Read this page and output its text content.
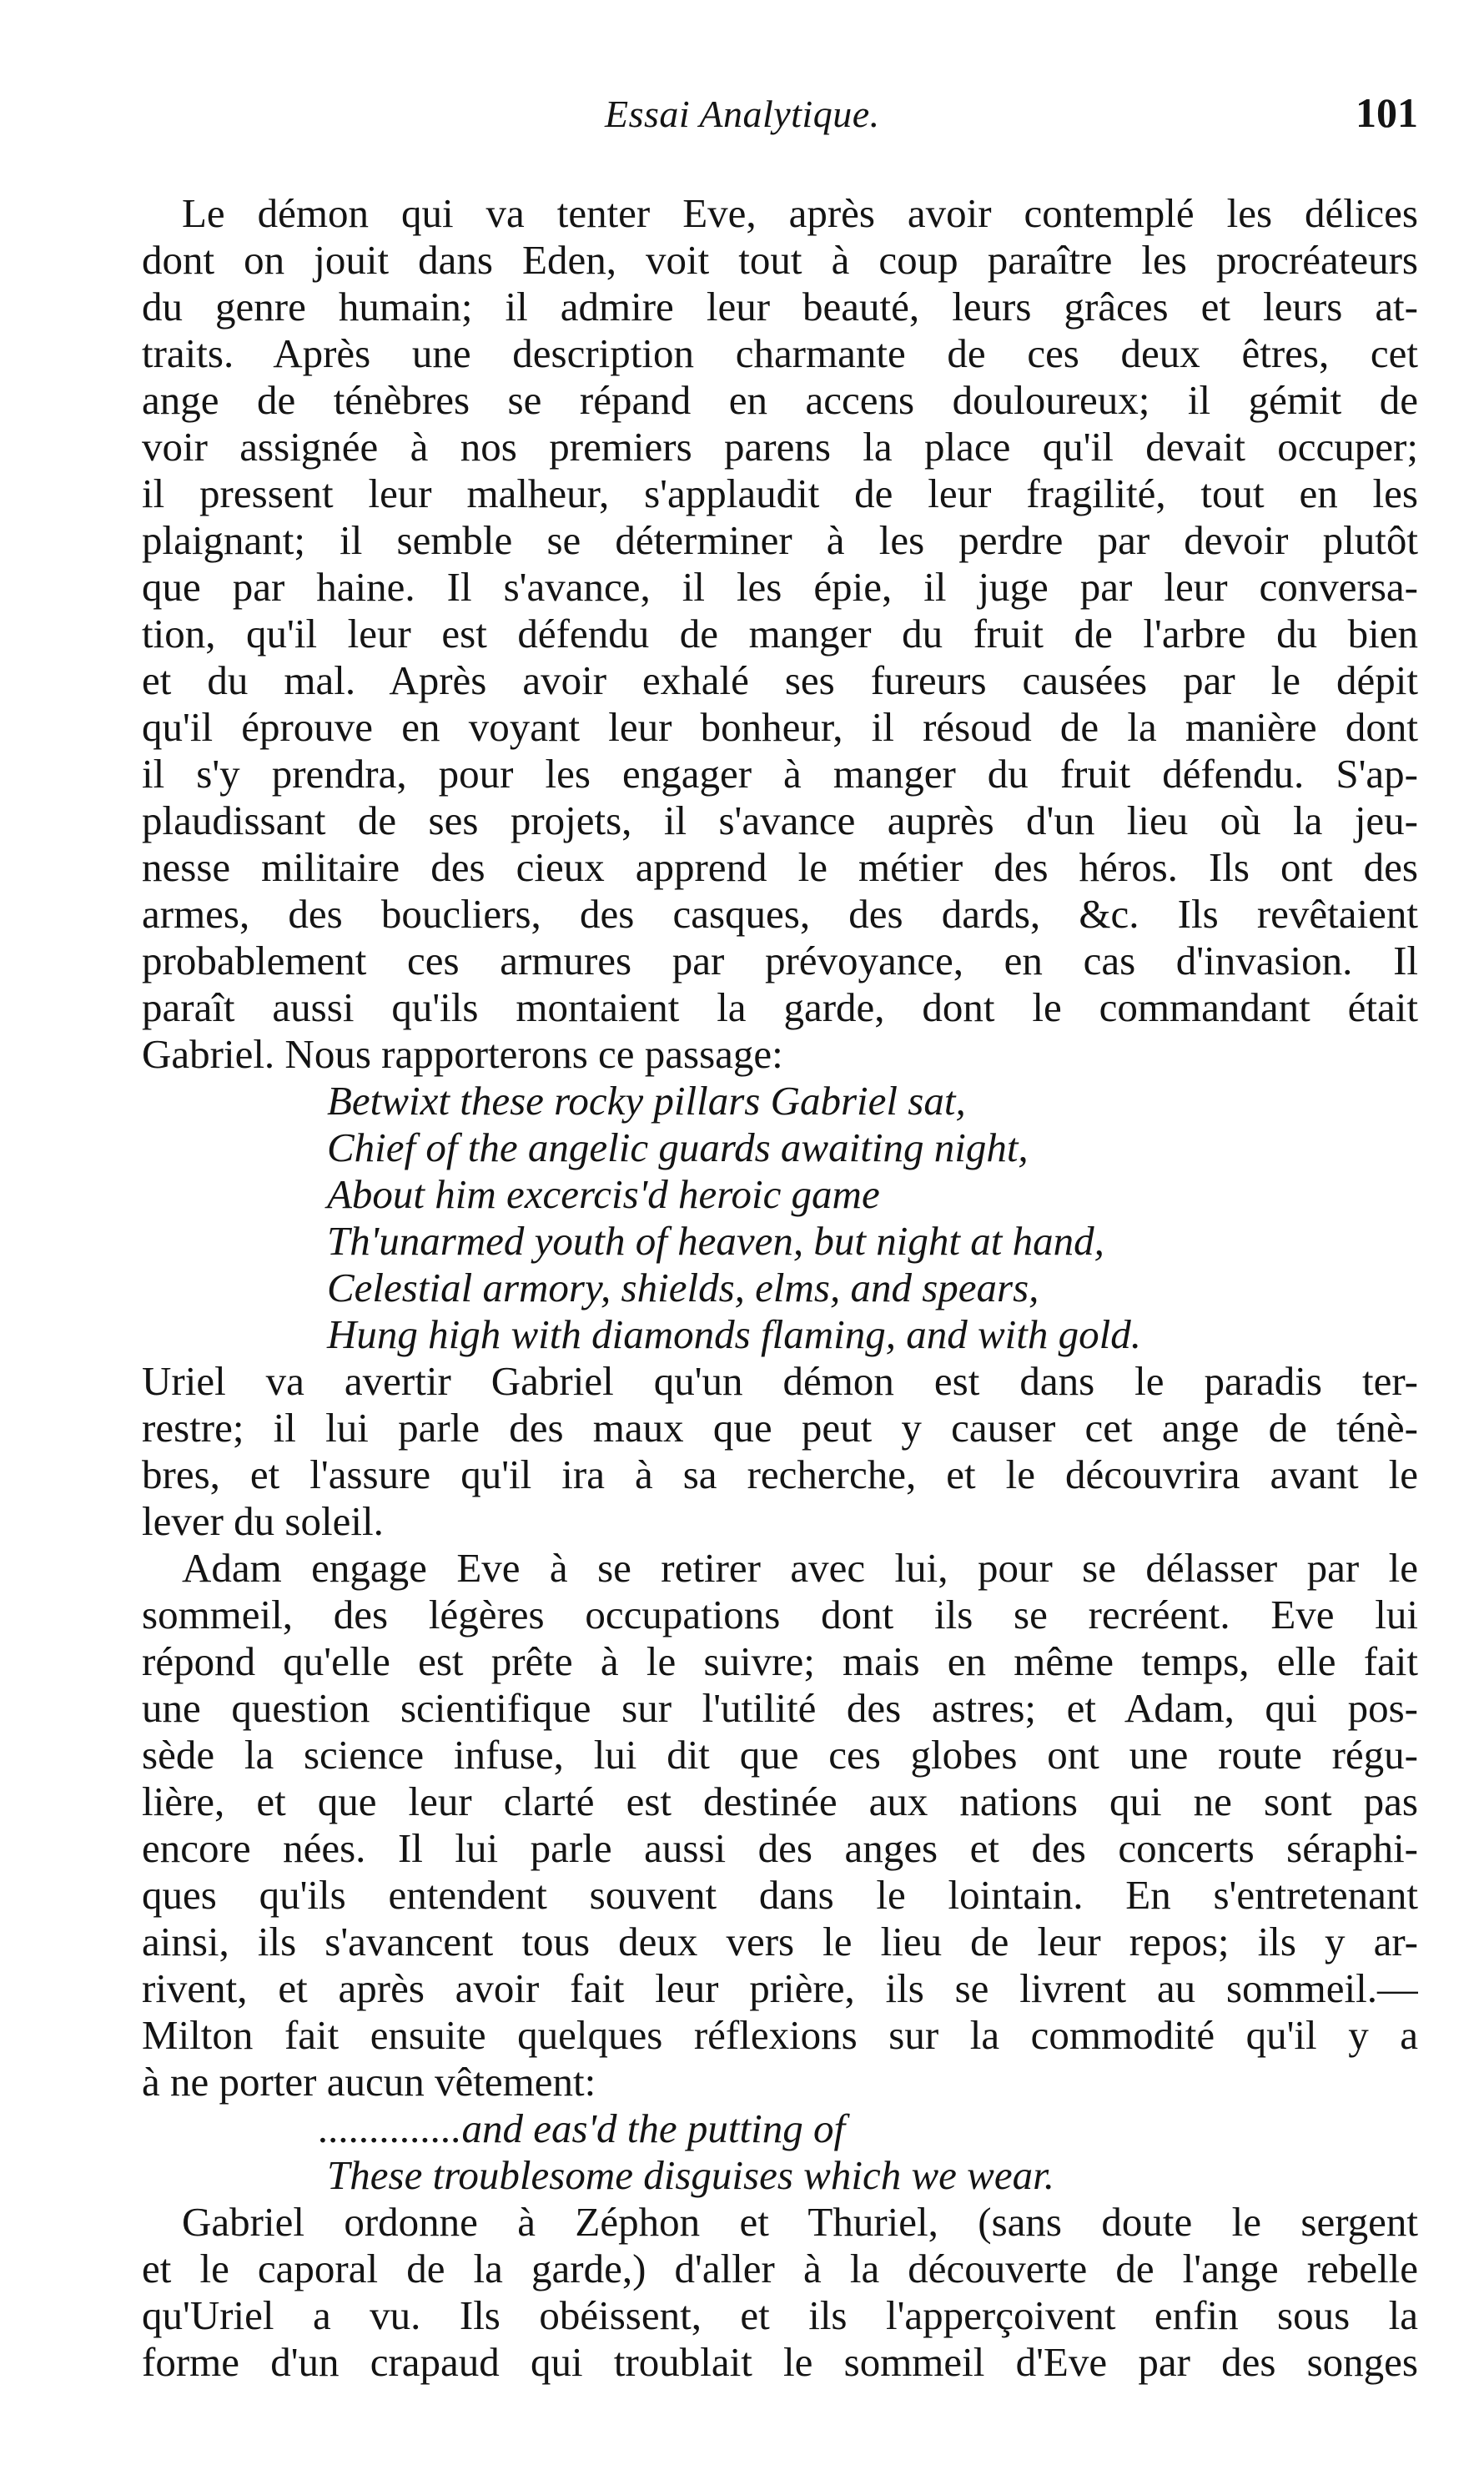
Essai Analytique.	101
Le démon qui va tenter Eve, après avoir contemplé les délices
dont on jouit dans Eden, voit tout à coup paraître les procréateurs
du genre humain; il admire leur beauté, leurs grâces et leurs at-
traits. Après une description charmante de ces deux êtres, cet
ange de ténèbres se répand en accens douloureux; il gémit de
voir assignée à nos premiers parens la place qu'il devait occuper;
il pressent leur malheur, s'applaudit de leur fragilité, tout en les
plaignant; il semble se déterminer à les perdre par devoir plutôt
que par haine. Il s'avance, il les épie, il juge par leur conversa-
tion, qu'il leur est défendu de manger du fruit de l'arbre du bien
et du mal. Après avoir exhalé ses fureurs causées par le dépit
qu'il éprouve en voyant leur bonheur, il résoud de la manière dont
il s'y prendra, pour les engager à manger du fruit défendu. S'ap-
plaudissant de ses projets, il s'avance auprès d'un lieu où la jeu-
nesse militaire des cieux apprend le métier des héros. Ils ont des
armes, des boucliers, des casques, des dards, &c. Ils revêtaient
probablement ces armures par prévoyance, en cas d'invasion. Il
paraît aussi qu'ils montaient la garde, dont le commandant était
Gabriel. Nous rapporterons ce passage:
Betwixt these rocky pillars Gabriel sat,
Chief of the angelic guards awaiting night,
About him excercis'd heroic game
Th'unarmed youth of heaven, but night at hand,
Celestial armory, shields, elms, and spears,
Hung high with diamonds flaming, and with gold.
Uriel va avertir Gabriel qu'un démon est dans le paradis ter-
restre; il lui parle des maux que peut y causer cet ange de ténè-
bres, et l'assure qu'il ira à sa recherche, et le découvrira avant le
lever du soleil.
Adam engage Eve à se retirer avec lui, pour se délasser par le
sommeil, des légères occupations dont ils se recréent. Eve lui
répond qu'elle est prête à le suivre; mais en même temps, elle fait
une question scientifique sur l'utilité des astres; et Adam, qui pos-
sède la science infuse, lui dit que ces globes ont une route régu-
lière, et que leur clarté est destinée aux nations qui ne sont pas
encore nées. Il lui parle aussi des anges et des concerts séraphi-
ques qu'ils entendent souvent dans le lointain. En s'entretenant
ainsi, ils s'avancent tous deux vers le lieu de leur repos; ils y ar-
rivent, et après avoir fait leur prière, ils se livrent au sommeil.—
Milton fait ensuite quelques réflexions sur la commodité qu'il y a
à ne porter aucun vêtement:
..............and eas'd the putting of
These troublesome disguises which we wear.
Gabriel ordonne à Zéphon et Thuriel, (sans doute le sergent
et le caporal de la garde,) d'aller à la découverte de l'ange rebelle
qu'Uriel a vu. Ils obéissent, et ils l'apperçoivent enfin sous la
forme d'un crapaud qui troublait le sommeil d'Eve par des songes
